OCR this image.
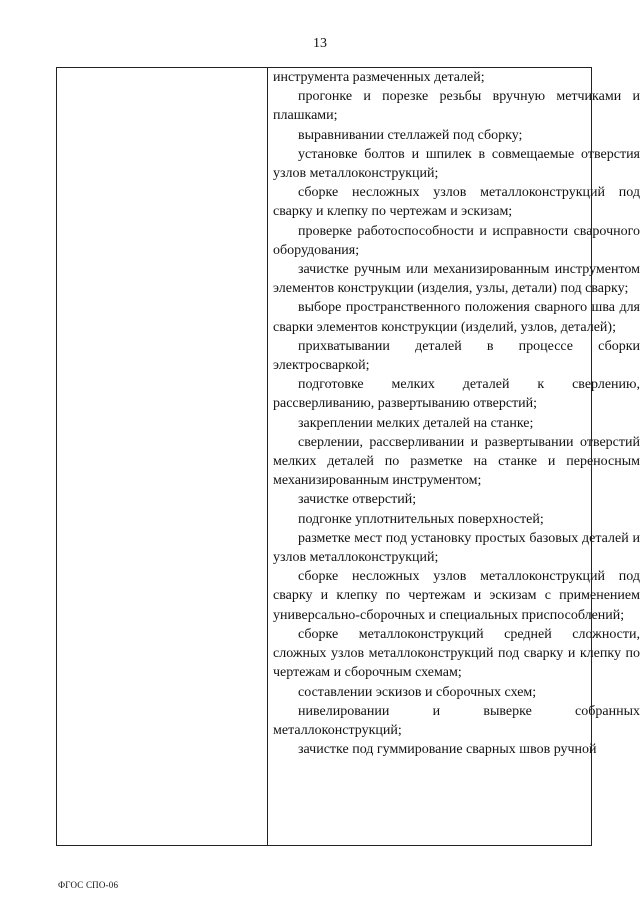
13

инструмента размеченных деталей;

прогонке и порезке резьбы вручную метчиками и плашками;

выравнивании стеллажей под сборку;

установке болтов и шпилек в совмещаемые отверстия узлов металлоконструкций;

сборке несложных узлов металлоконструкций под сварку и клепку по чертежам и эскизам;

проверке работоспособности и исправности сварочного оборудования;

зачистке ручным или механизированным инструментом элементов конструкции (изделия, узлы, детали) под сварку;

выборе пространственного положения сварного шва для сварки элементов конструкции (изделий, узлов, деталей);

прихватывании деталей в процессе сборки электросваркой;

подготовке мелких деталей к сверлению, рассверливанию, развертыванию отверстий;

закреплении мелких деталей на станке;

сверлении, рассверливании и развертывании отверстий мелких деталей по разметке на станке и переносным механизированным инструментом;

зачистке отверстий;

подгонке уплотнительных поверхностей;

разметке мест под установку простых базовых деталей и узлов металлоконструкций;

сборке несложных узлов металлоконструкций под сварку и клепку по чертежам и эскизам с применением универсально-сборочных и специальных приспособлений;

сборке металлоконструкций средней сложности, сложных узлов металлоконструкций под сварку и клепку по чертежам и сборочным схемам;

составлении эскизов и сборочных схем;

нивелировании и выверке собранных металлоконструкций;

зачистке под гуммирование сварных швов ручной

ФГОС СПО-06
